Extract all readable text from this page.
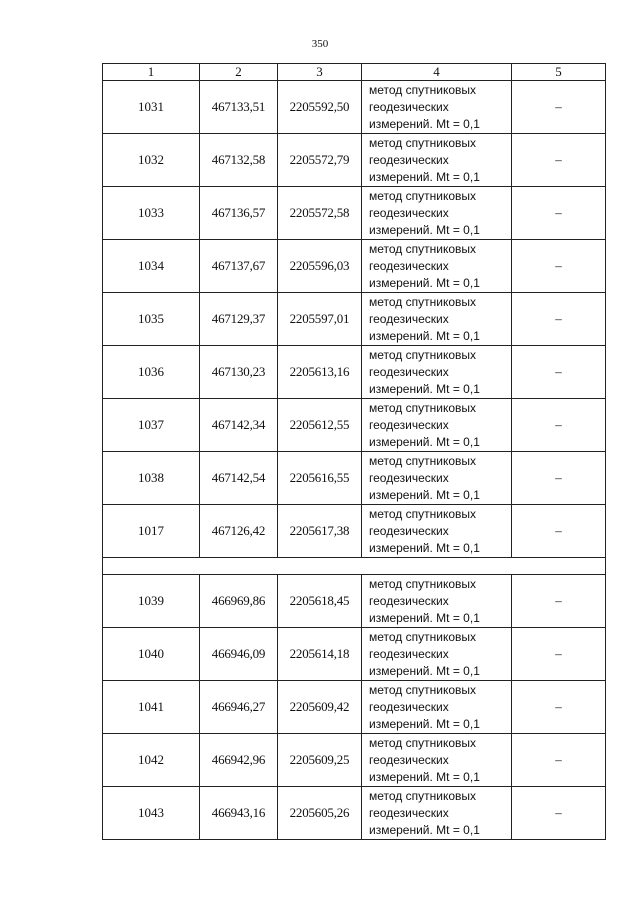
350
1	2	3	4	5
1031	467133,51	2205592,50	метод спутниковых
геодезических
измерений. Mt = 0,1	–
1032	467132,58	2205572,79	метод спутниковых
геодезических
измерений. Mt = 0,1	–
1033	467136,57	2205572,58	метод спутниковых
геодезических
измерений. Mt = 0,1	–
1034	467137,67	2205596,03	метод спутниковых
геодезических
измерений. Mt = 0,1	–
1035	467129,37	2205597,01	метод спутниковых
геодезических
измерений. Mt = 0,1	–
1036	467130,23	2205613,16	метод спутниковых
геодезических
измерений. Mt = 0,1	–
1037	467142,34	2205612,55	метод спутниковых
геодезических
измерений. Mt = 0,1	–
1038	467142,54	2205616,55	метод спутниковых
геодезических
измерений. Mt = 0,1	–
1017	467126,42	2205617,38	метод спутниковых
геодезических
измерений. Mt = 0,1	–

1039	466969,86	2205618,45	метод спутниковых
геодезических
измерений. Mt = 0,1	–
1040	466946,09	2205614,18	метод спутниковых
геодезических
измерений. Mt = 0,1	–
1041	466946,27	2205609,42	метод спутниковых
геодезических
измерений. Mt = 0,1	–
1042	466942,96	2205609,25	метод спутниковых
геодезических
измерений. Mt = 0,1	–
1043	466943,16	2205605,26	метод спутниковых
геодезических
измерений. Mt = 0,1	–
